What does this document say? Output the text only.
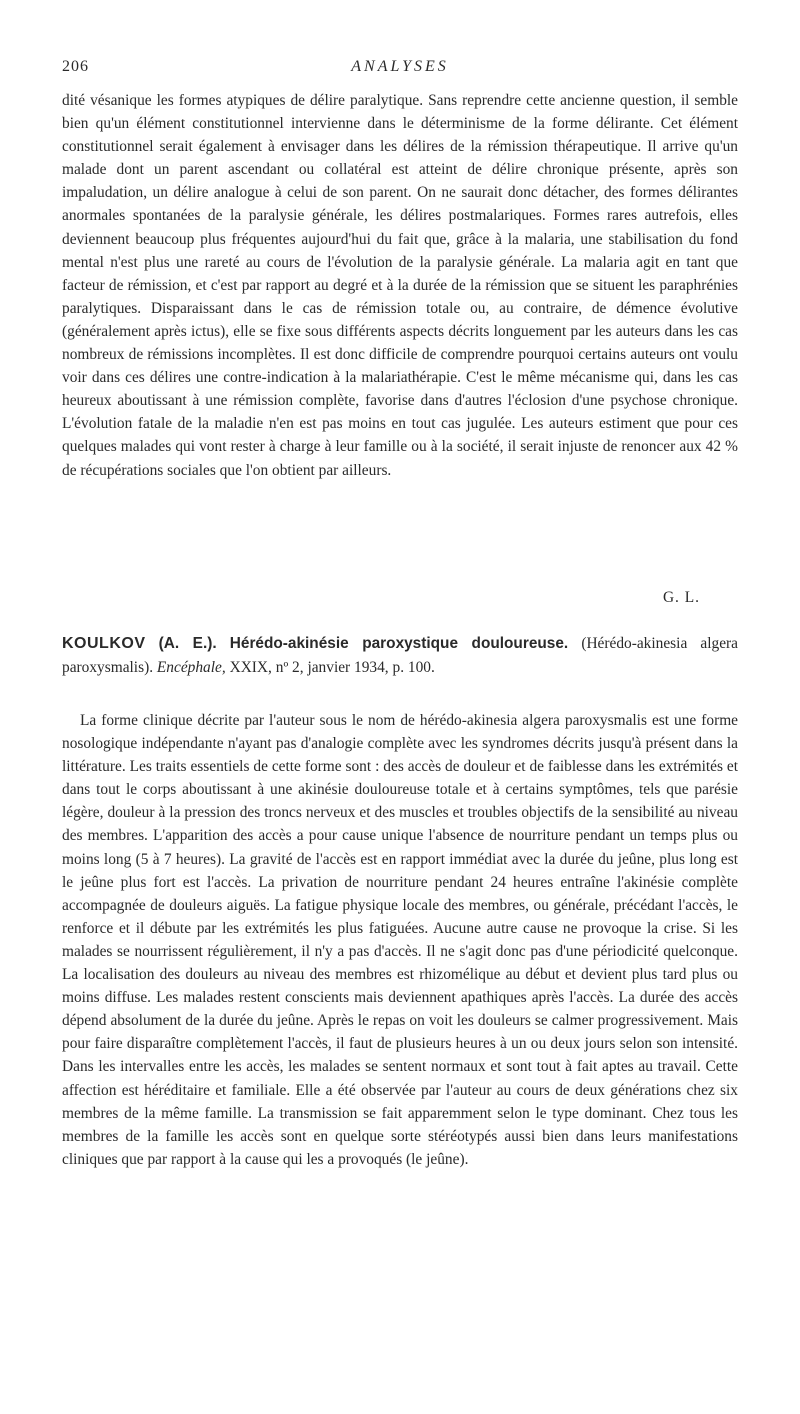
206	ANALYSES

dité vésanique les formes atypiques de délire paralytique. Sans reprendre cette ancienne question, il semble bien qu'un élément constitutionnel intervienne dans le déterminisme de la forme délirante. Cet élément constitutionnel serait également à envisager dans les délires de la rémission thérapeutique. Il arrive qu'un malade dont un parent ascendant ou collatéral est atteint de délire chronique présente, après son impaludation, un délire analogue à celui de son parent. On ne saurait donc détacher, des formes délirantes anormales spontanées de la paralysie générale, les délires postmalariques. Formes rares autrefois, elles deviennent beaucoup plus fréquentes aujourd'hui du fait que, grâce à la malaria, une stabilisation du fond mental n'est plus une rareté au cours de l'évolution de la paralysie générale. La malaria agit en tant que facteur de rémission, et c'est par rapport au degré et à la durée de la rémission que se situent les paraphrénies paralytiques. Disparaissant dans le cas de rémission totale ou, au contraire, de démence évolutive (généralement après ictus), elle se fixe sous différents aspects décrits longuement par les auteurs dans les cas nombreux de rémissions incomplètes. Il est donc difficile de comprendre pourquoi certains auteurs ont voulu voir dans ces délires une contre-indication à la malariathérapie. C'est le même mécanisme qui, dans les cas heureux aboutissant à une rémission complète, favorise dans d'autres l'éclosion d'une psychose chronique. L'évolution fatale de la maladie n'en est pas moins en tout cas jugulée. Les auteurs estiment que pour ces quelques malades qui vont rester à charge à leur famille ou à la société, il serait injuste de renoncer aux 42 % de récupérations sociales que l'on obtient par ailleurs.
G. L.

KOULKOV (A. E.). Hérédo-akinésie paroxystique douloureuse. (Hérédo-akinesia algera paroxysmalis). Encéphale, XXIX, nº 2, janvier 1934, p. 100.

La forme clinique décrite par l'auteur sous le nom de hérédo-akinesia algera paroxysmalis est une forme nosologique indépendante n'ayant pas d'analogie complète avec les syndromes décrits jusqu'à présent dans la littérature. Les traits essentiels de cette forme sont : des accès de douleur et de faiblesse dans les extrémités et dans tout le corps aboutissant à une akinésie douloureuse totale et à certains symptômes, tels que parésie légère, douleur à la pression des troncs nerveux et des muscles et troubles objectifs de la sensibilité au niveau des membres. L'apparition des accès a pour cause unique l'absence de nourriture pendant un temps plus ou moins long (5 à 7 heures). La gravité de l'accès est en rapport immédiat avec la durée du jeûne, plus long est le jeûne plus fort est l'accès. La privation de nourriture pendant 24 heures entraîne l'akinésie complète accompagnée de douleurs aiguës. La fatigue physique locale des membres, ou générale, précédant l'accès, le renforce et il débute par les extrémités les plus fatiguées. Aucune autre cause ne provoque la crise. Si les malades se nourrissent régulièrement, il n'y a pas d'accès. Il ne s'agit donc pas d'une périodicité quelconque. La localisation des douleurs au niveau des membres est rhizomélique au début et devient plus tard plus ou moins diffuse. Les malades restent conscients mais deviennent apathiques après l'accès. La durée des accès dépend absolument de la durée du jeûne. Après le repas on voit les douleurs se calmer progressivement. Mais pour faire disparaître complètement l'accès, il faut de plusieurs heures à un ou deux jours selon son intensité. Dans les intervalles entre les accès, les malades se sentent normaux et sont tout à fait aptes au travail. Cette affection est héréditaire et familiale. Elle a été observée par l'auteur au cours de deux générations chez six membres de la même famille. La transmission se fait apparemment selon le type dominant. Chez tous les membres de la famille les accès sont en quelque sorte stéréotypés aussi bien dans leurs manifestations cliniques que par rapport à la cause qui les a provoqués (le jeûne).
